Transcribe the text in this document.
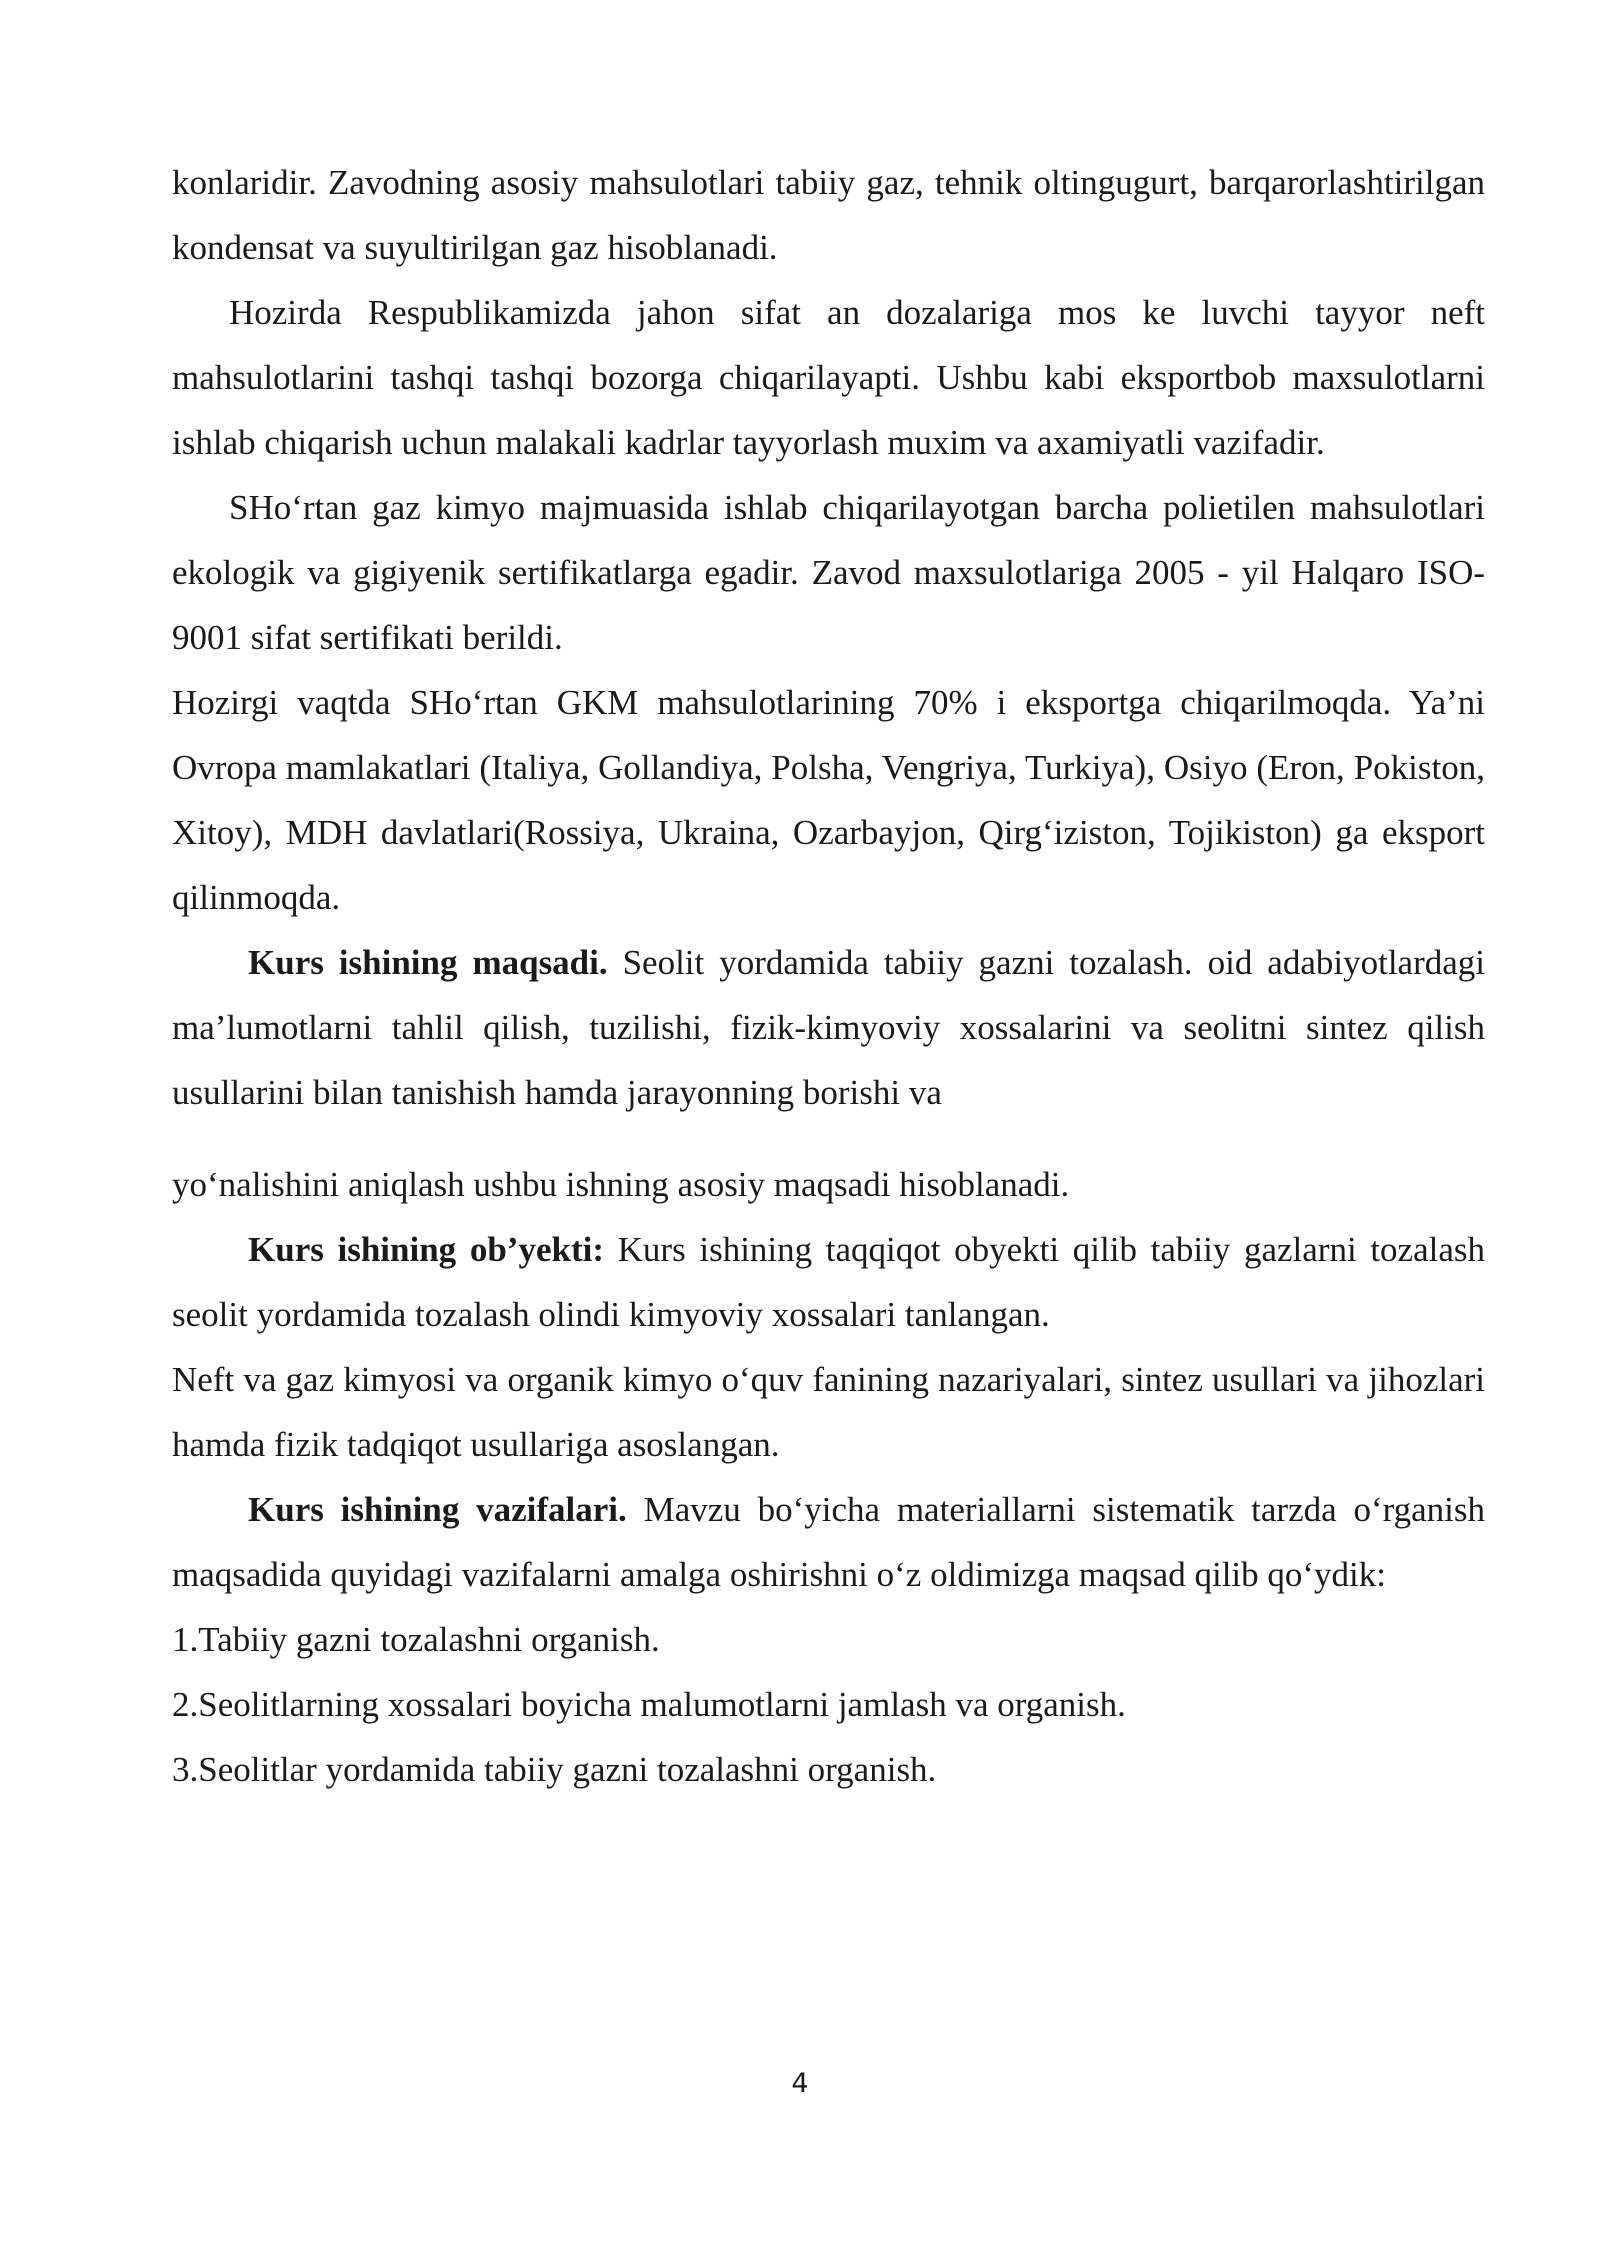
konlaridir. Zavodning asosiy mahsulotlari tabiiy gaz, tehnik oltingugurt, barqarorlashtirilgan kondensat va suyultirilgan gaz hisoblanadi.

Hozirda Respublikamizda jahon sifat an dozalariga mos ke luvchi tayyor neft mahsulotlarini tashqi tashqi bozorga chiqarilayapti. Ushbu kabi eksportbob maxsulotlarni ishlab chiqarish uchun malakali kadrlar tayyorlash muxim va axamiyatli vazifadir.

SHo‘rtan gaz kimyo majmuasida ishlab chiqarilayotgan barcha polietilen mahsulotlari ekologik va gigiyenik sertifikatlarga egadir. Zavod maxsulotlariga 2005 - yil Halqaro ISO-9001 sifat sertifikati berildi.

Hozirgi vaqtda SHo‘rtan GKM mahsulotlarining 70% i eksportga chiqarilmoqda. Ya’ni Ovropa mamlakatlari (Italiya, Gollandiya, Polsha, Vengriya, Turkiya), Osiyo (Eron, Pokiston, Xitoy), MDH davlatlari(Rossiya, Ukraina, Ozarbayjon, Qirg‘iziston, Tojikiston) ga eksport qilinmoqda.

Kurs ishining maqsadi. Seolit yordamida tabiiy gazni tozalash. oid adabiyotlardagi ma’lumotlarni tahlil qilish, tuzilishi, fizik-kimyoviy xossalarini va seolitni sintez qilish usullarini bilan tanishish hamda jarayonning borishi va

yo‘nalishini aniqlash ushbu ishning asosiy maqsadi hisoblanadi.

Kurs ishining ob’yekti: Kurs ishining taqqiqot obyekti qilib tabiiy gazlarni tozalash seolit yordamida tozalash olindi kimyoviy xossalari tanlangan.

Neft va gaz kimyosi va organik kimyo o‘quv fanining nazariyalari, sintez usullari va jihozlari hamda fizik tadqiqot usullariga asoslangan.

Kurs ishining vazifalari. Mavzu bo‘yicha materiallarni sistematik tarzda o‘rganish maqsadida quyidagi vazifalarni amalga oshirishni o‘z oldimizga maqsad qilib qo‘ydik:

1.Tabiiy gazni tozalashni organish.

2.Seolitlarning xossalari boyicha malumotlarni jamlash va organish.

3.Seolitlar yordamida tabiiy gazni tozalashni organish.

4
